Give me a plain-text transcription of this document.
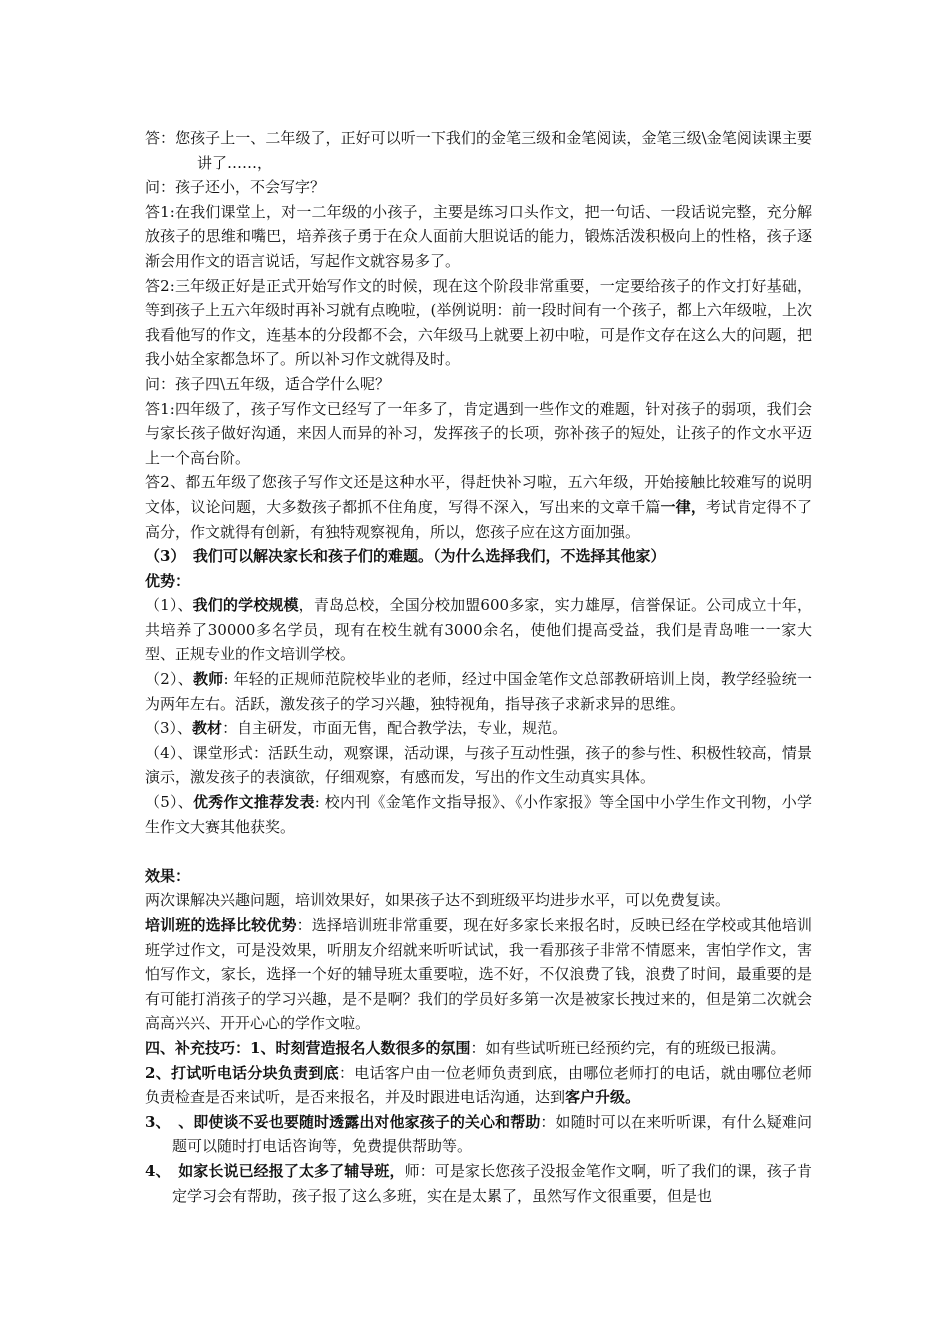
答：您孩子上一、二年级了，正好可以听一下我们的金笔三级和金笔阅读，金笔三级\金笔阅读课主要讲了……，

问：孩子还小，不会写字？

答1:在我们课堂上，对一二年级的小孩子，主要是练习口头作文，把一句话、一段话说完整，充分解放孩子的思维和嘴巴，培养孩子勇于在众人面前大胆说话的能力，锻炼活泼积极向上的性格，孩子逐渐会用作文的语言说话，写起作文就容易多了。

答2:三年级正好是正式开始写作文的时候，现在这个阶段非常重要，一定要给孩子的作文打好基础，等到孩子上五六年级时再补习就有点晚啦，(举例说明：前一段时间有一个孩子，都上六年级啦，上次我看他写的作文，连基本的分段都不会，六年级马上就要上初中啦，可是作文存在这么大的问题，把我小姑全家都急坏了。所以补习作文就得及时。

问：孩子四\五年级，适合学什么呢？

答1:四年级了，孩子写作文已经写了一年多了，肯定遇到一些作文的难题，针对孩子的弱项，我们会与家长孩子做好沟通，来因人而异的补习，发挥孩子的长项，弥补孩子的短处，让孩子的作文水平迈上一个高台阶。

答2、都五年级了您孩子写作文还是这种水平，得赶快补习啦，五六年级，开始接触比较难写的说明文体，议论问题，大多数孩子都抓不住角度，写得不深入，写出来的文章千篇一律，考试肯定得不了高分，作文就得有创新，有独特观察视角，所以，您孩子应在这方面加强。

（3）　我们可以解决家长和孩子们的难题。（为什么选择我们，不选择其他家）

优势：

（1）、我们的学校规模，青岛总校，全国分校加盟600多家，实力雄厚，信誉保证。公司成立十年，共培养了30000多名学员，现有在校生就有3000余名，使他们提高受益，我们是青岛唯一一家大型、正规专业的作文培训学校。

（2）、教师: 年轻的正规师范院校毕业的老师，经过中国金笔作文总部教研培训上岗，教学经验统一为两年左右。活跃，激发孩子的学习兴趣，独特视角，指导孩子求新求异的思维。

（3）、教材：自主研发，市面无售，配合教学法，专业，规范。

（4）、课堂形式：活跃生动，观察课，活动课，与孩子互动性强，孩子的参与性、积极性较高，情景演示，激发孩子的表演欲，仔细观察，有感而发，写出的作文生动真实具体。

（5）、优秀作文推荐发表: 校内刊《金笔作文指导报》、《小作家报》等全国中小学生作文刊物，小学生作文大赛其他获奖。

效果：

两次课解决兴趣问题，培训效果好，如果孩子达不到班级平均进步水平，可以免费复读。

培训班的选择比较优势：选择培训班非常重要，现在好多家长来报名时，反映已经在学校或其他培训班学过作文，可是没效果，听朋友介绍就来听听试试，我一看那孩子非常不情愿来，害怕学作文，害怕写作文，家长，选择一个好的辅导班太重要啦，选不好，不仅浪费了钱，浪费了时间，最重要的是有可能打消孩子的学习兴趣，是不是啊？我们的学员好多第一次是被家长拽过来的，但是第二次就会高高兴兴、开开心心的学作文啦。

四、补充技巧：1、时刻营造报名人数很多的氛围：如有些试听班已经预约完，有的班级已报满。

2、打试听电话分块负责到底：电话客户由一位老师负责到底，由哪位老师打的电话，就由哪位老师负责检查是否来试听，是否来报名，并及时跟进电话沟通，达到客户升级。

3、　、即使谈不妥也要随时透露出对他家孩子的关心和帮助：如随时可以在来听听课，有什么疑难问题可以随时打电话咨询等，免费提供帮助等。

4、　如家长说已经报了太多了辅导班，师：可是家长您孩子没报金笔作文啊，听了我们的课，孩子肯定学习会有帮助，孩子报了这么多班，实在是太累了，虽然写作文很重要，但是也
